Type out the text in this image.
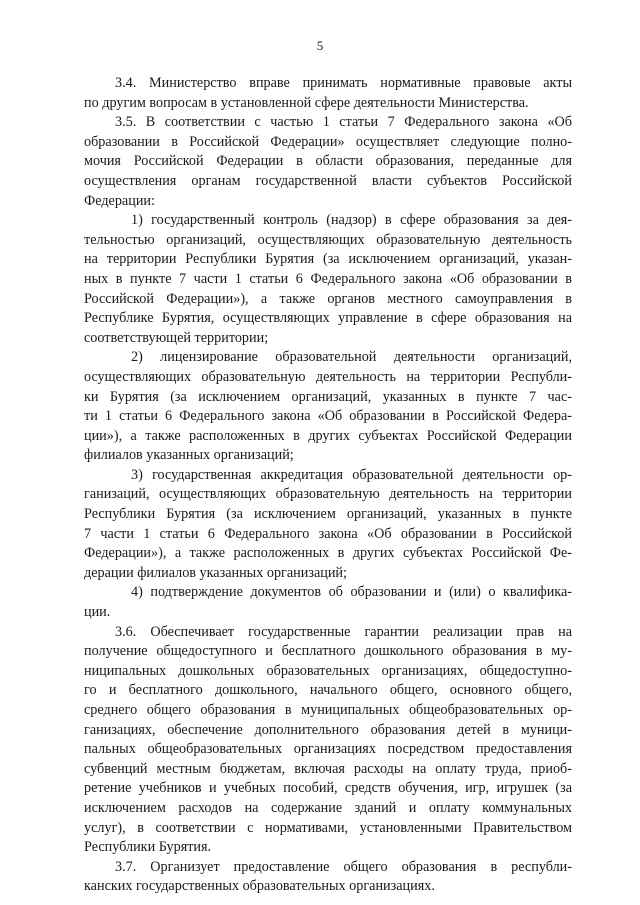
5
3.4. Министерство вправе принимать нормативные правовые акты
по другим вопросам в установленной сфере деятельности Министерства.
3.5. В соответствии с частью 1 статьи 7 Федерального закона «Об
образовании в Российской Федерации» осуществляет следующие полно-
мочия Российской Федерации в области образования, переданные для
осуществления органам государственной власти субъектов Российской
Федерации:
1) государственный контроль (надзор) в сфере образования за дея-
тельностью организаций, осуществляющих образовательную деятельность
на территории Республики Бурятия (за исключением организаций, указан-
ных в пункте 7 части 1 статьи 6 Федерального закона «Об образовании в
Российской Федерации»), а также органов местного самоуправления в
Республике Бурятия, осуществляющих управление в сфере образования на
соответствующей территории;
2) лицензирование образовательной деятельности организаций,
осуществляющих образовательную деятельность на территории Республи-
ки Бурятия (за исключением организаций, указанных в пункте 7 час-
ти 1 статьи 6 Федерального закона «Об образовании в Российской Федера-
ции»), а также расположенных в других субъектах Российской Федерации
филиалов указанных организаций;
3) государственная аккредитация образовательной деятельности ор-
ганизаций, осуществляющих образовательную деятельность на территории
Республики Бурятия (за исключением организаций, указанных в пункте
7 части 1 статьи 6 Федерального закона «Об образовании в Российской
Федерации»), а также расположенных в других субъектах Российской Фе-
дерации филиалов указанных организаций;
4) подтверждение документов об образовании и (или) о квалифика-
ции.
3.6. Обеспечивает государственные гарантии реализации прав на
получение общедоступного и бесплатного дошкольного образования в му-
ниципальных дошкольных образовательных организациях, общедоступно-
го и бесплатного дошкольного, начального общего, основного общего,
среднего общего образования в муниципальных общеобразовательных ор-
ганизациях, обеспечение дополнительного образования детей в муници-
пальных общеобразовательных организациях посредством предоставления
субвенций местным бюджетам, включая расходы на оплату труда, приоб-
ретение учебников и учебных пособий, средств обучения, игр, игрушек (за
исключением расходов на содержание зданий и оплату коммунальных
услуг), в соответствии с нормативами, установленными Правительством
Республики Бурятия.
3.7. Организует предоставление общего образования в республи-
канских государственных образовательных организациях.
